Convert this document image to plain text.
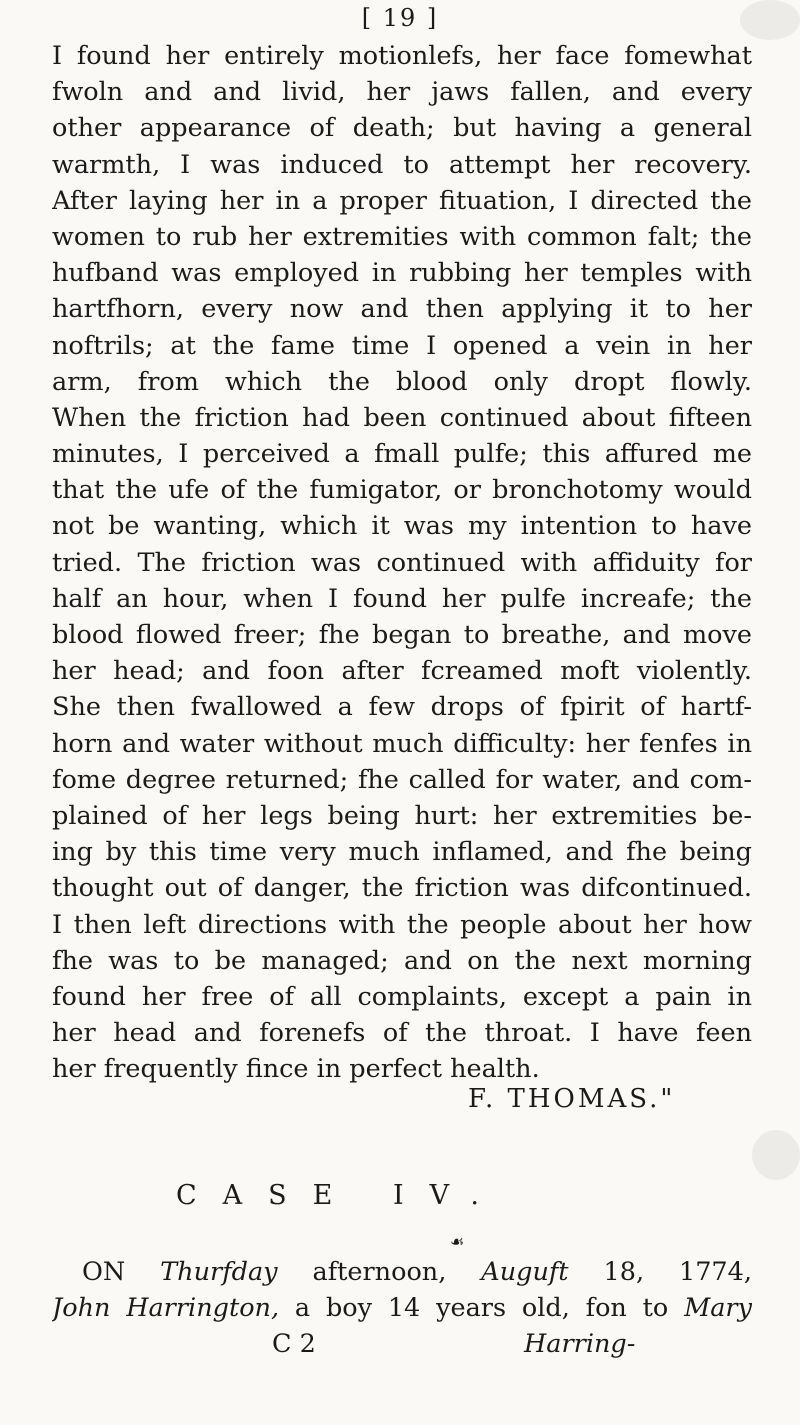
[ 19 ]
I found her entirely motionlefs, her face fomewhat
fwoln and and livid, her jaws fallen, and every
other appearance of death; but having a general
warmth, I was induced to attempt her recovery.
After laying her in a proper fituation, I directed the
women to rub her extremities with common falt; the
hufband was employed in rubbing her temples with
hartfhorn, every now and then applying it to her
noftrils; at the fame time I opened a vein in her
arm, from which the blood only dropt flowly.
When the friction had been continued about fifteen
minutes, I perceived a fmall pulfe; this affured me
that the ufe of the fumigator, or bronchotomy would
not be wanting, which it was my intention to have
tried. The friction was continued with affiduity for
half an hour, when I found her pulfe increafe; the
blood flowed freer; fhe began to breathe, and move
her head; and foon after fcreamed moft violently.
She then fwallowed a few drops of fpirit of hartf-
horn and water without much difficulty: her fenfes in
fome degree returned; fhe called for water, and com-
plained of her legs being hurt: her extremities be-
ing by this time very much inflamed, and fhe being
thought out of danger, the friction was difcontinued.
I then left directions with the people about her how
fhe was to be managed; and on the next morning
found her free of all complaints, except a pain in
her head and forenefs of the throat. I have feen
her frequently fince in perfect health.
F. THOMAS."
CASE IV.
☙
ON Thurfday afternoon, Auguft 18, 1774,
John Harrington, a boy 14 years old, fon to Mary
C 2	Harring-
